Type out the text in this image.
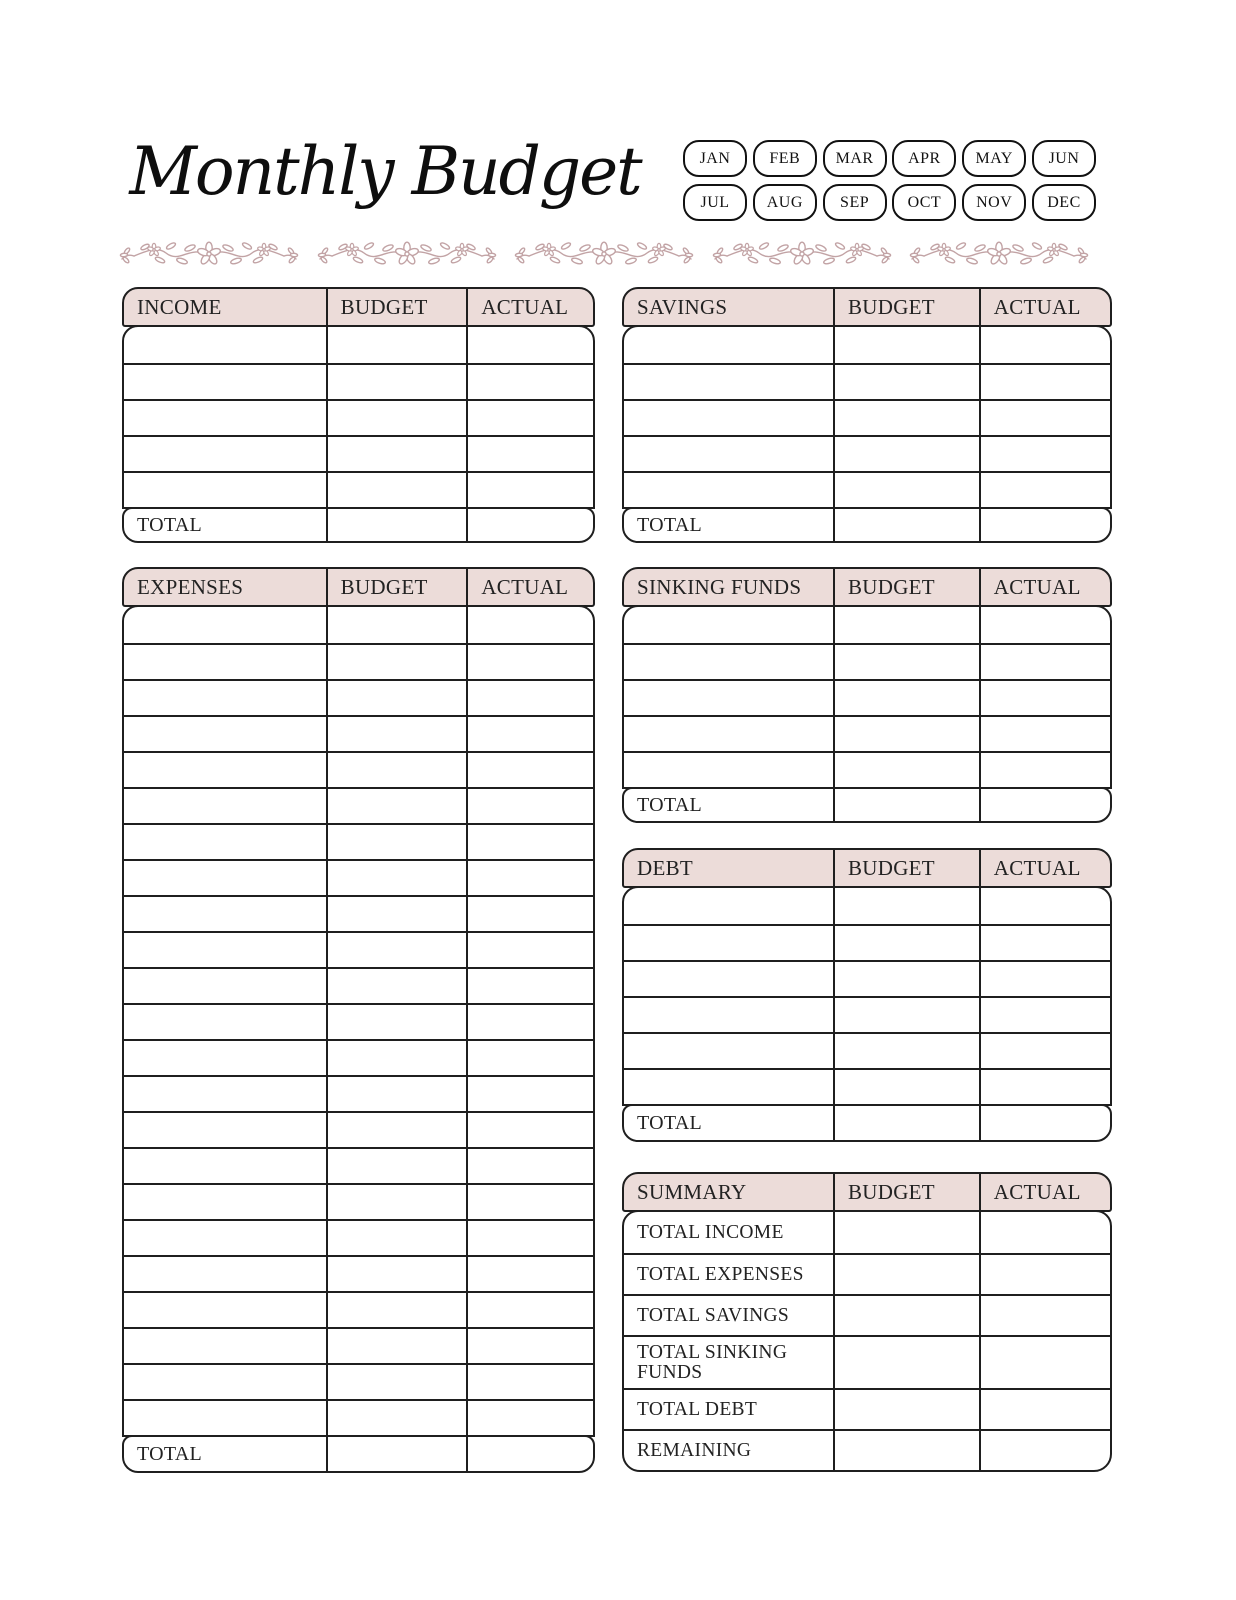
Monthly Budget	JAN	FEB	MAR	APR	MAY	JUN
JUL	AUG	SEP	OCT	NOV	DEC
INCOME	BUDGET	ACTUAL
TOTAL
SAVINGS	BUDGET	ACTUAL
TOTAL
EXPENSES	BUDGET	ACTUAL
TOTAL
SINKING FUNDS	BUDGET	ACTUAL
TOTAL
DEBT	BUDGET	ACTUAL
TOTAL
SUMMARY	BUDGET	ACTUAL
TOTAL INCOME
TOTAL EXPENSES
TOTAL SAVINGS
TOTAL SINKING FUNDS
TOTAL DEBT
REMAINING
